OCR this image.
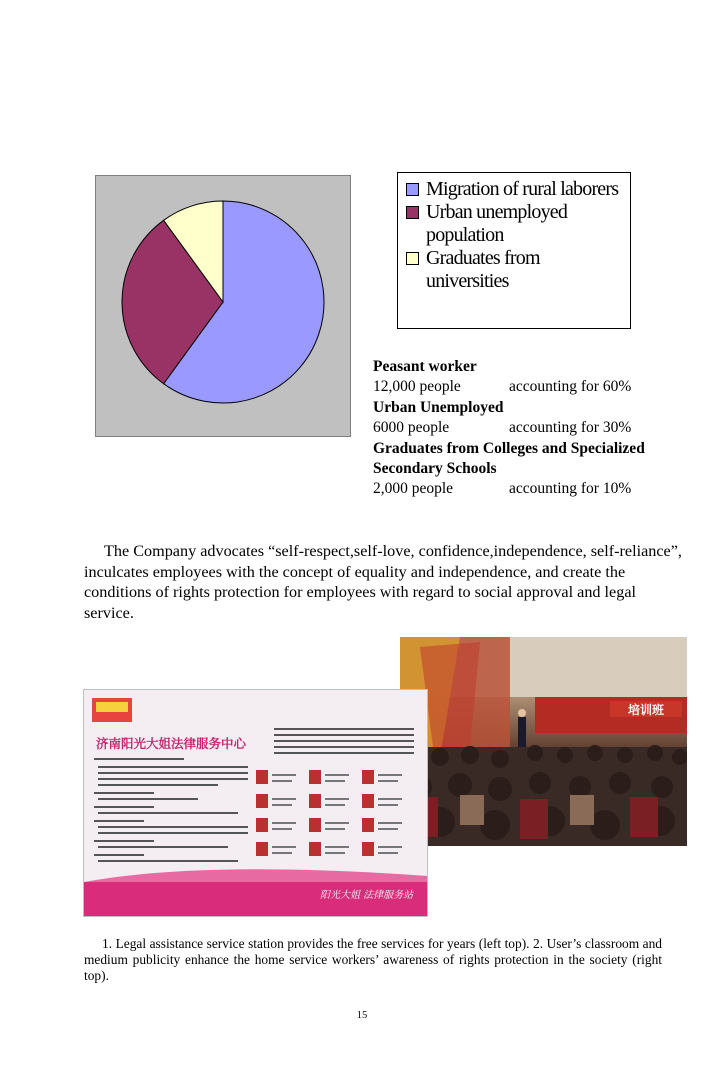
Migration of rural laborers
Urban unemployed population
Graduates from universities
Peasant worker
12,000 people	accounting for 60%
Urban Unemployed
6000 people	accounting for 30%
Graduates from Colleges and Specialized Secondary Schools
2,000 people	accounting for 10%

The Company advocates “self-respect,self-love, confidence,independence, self-reliance”, inculcates employees with the concept of equality and independence, and create the conditions of rights protection for employees with regard to social approval and legal service.

培训班
济南阳光大姐法律服务中心
阳光大姐 法律服务站

1. Legal assistance service station provides the free services for years (left top). 2. User’s classroom and medium publicity enhance the home service workers’ awareness of rights protection in the society (right top).

15
